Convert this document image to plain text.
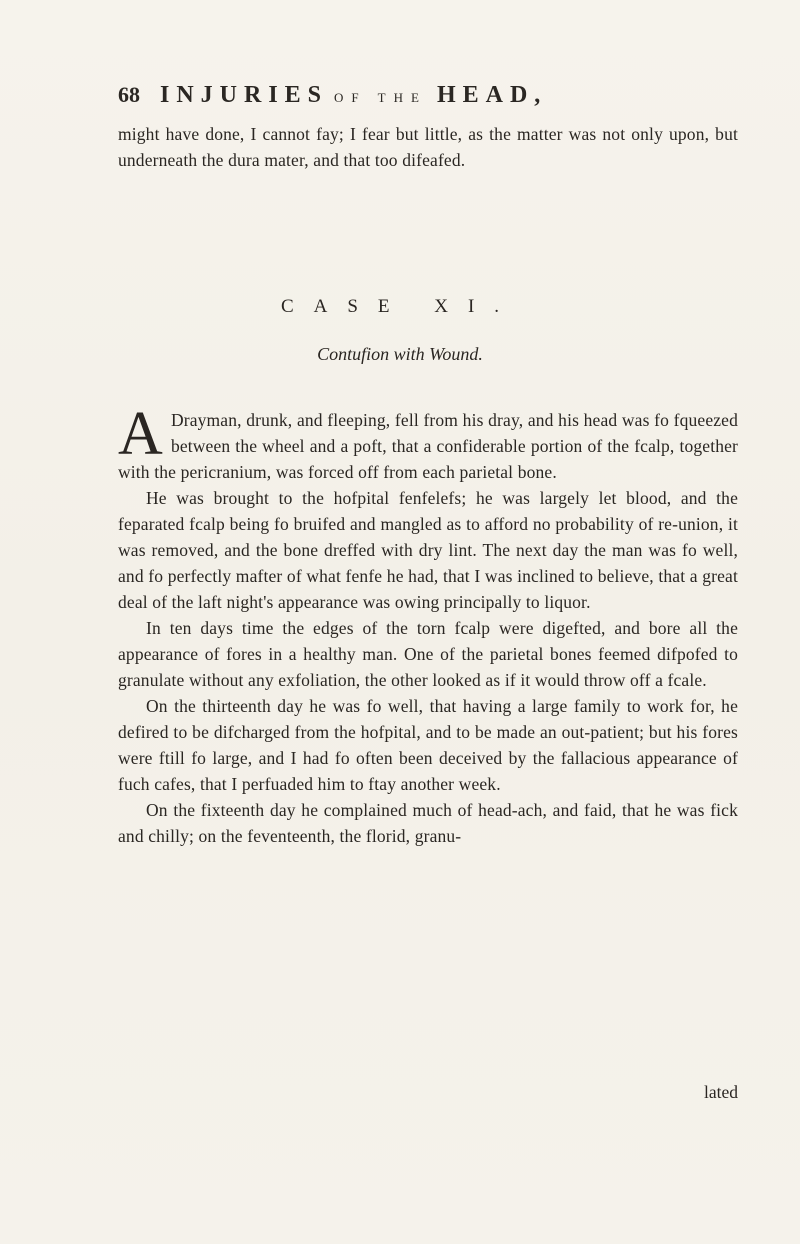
68 INJURIES OF THE HEAD,

might have done, I cannot fay; I fear but little, as the matter was not only upon, but underneath the dura mater, and that too difeafed.

CASE XI.
Contufion with Wound.

A Drayman, drunk, and fleeping, fell from his dray, and his head was fo fqueezed between the wheel and a poft, that a confiderable portion of the fcalp, together with the pericranium, was forced off from each parietal bone.

He was brought to the hofpital fenfelefs; he was largely let blood, and the feparated fcalp being fo bruifed and mangled as to afford no probability of re-union, it was removed, and the bone dreffed with dry lint. The next day the man was fo well, and fo perfectly mafter of what fenfe he had, that I was inclined to believe, that a great deal of the laft night's appearance was owing principally to liquor.

In ten days time the edges of the torn fcalp were digefted, and bore all the appearance of fores in a healthy man. One of the parietal bones feemed difpofed to granulate without any exfoliation, the other looked as if it would throw off a fcale.

On the thirteenth day he was fo well, that having a large family to work for, he defired to be difcharged from the hofpital, and to be made an out-patient; but his fores were ftill fo large, and I had fo often been deceived by the fallacious appearance of fuch cafes, that I perfuaded him to ftay another week.

On the fixteenth day he complained much of head-ach, and faid, that he was fick and chilly; on the feventeenth, the florid, granu-

lated
